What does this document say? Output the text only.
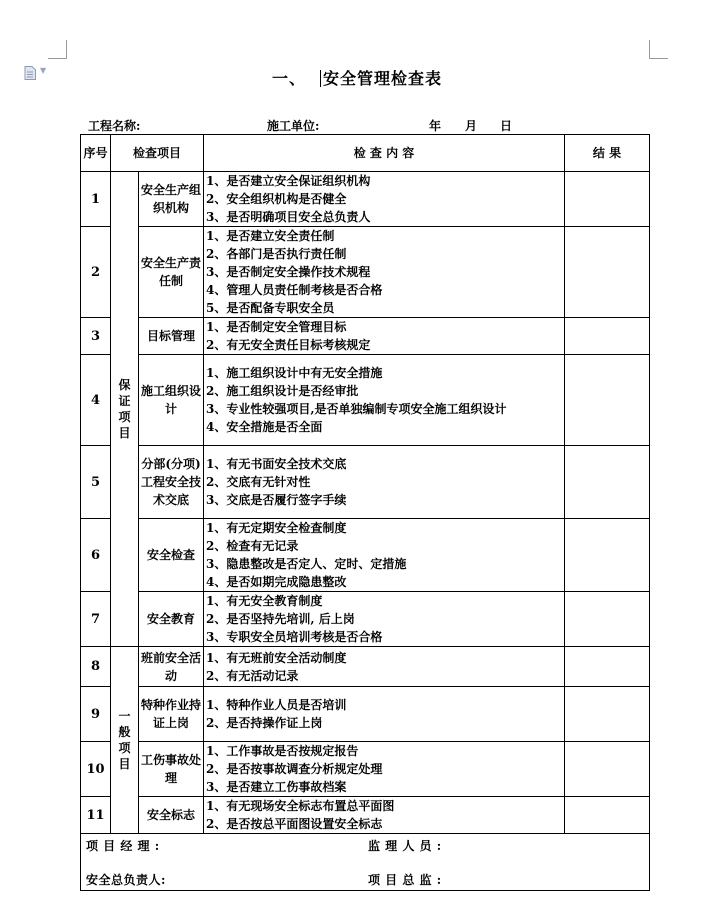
▼	一、 安全管理检查表
工程名称:	施工单位:	年 月 日
序号	检查项目		检 查 内 容	结 果
1	保证项目	安全生产组织机构	1、是否建立安全保证组织机构
2、安全组织机构是否健全
3、是否明确项目安全总负责人	

2		安全生产责任制	1、是否建立安全责任制
2、各部门是否执行责任制
3、是否制定安全操作技术规程
4、管理人员责任制考核是否合格
5、是否配备专职安全员	

3		目标管理	1、是否制定安全管理目标
2、有无安全责任目标考核规定	

4		施工组织设计	1、施工组织设计中有无安全措施
2、施工组织设计是否经审批
3、专业性较强项目,是否单独编制专项安全施工组织设计
4、安全措施是否全面	

5		分部(分项)工程安全技术交底	1、有无书面安全技术交底
2、交底有无针对性
3、交底是否履行签字手续	

6		安全检查	1、有无定期安全检查制度
2、检查有无记录
3、隐患整改是否定人、定时、定措施
4、是否如期完成隐患整改	

7		安全教育	1、有无安全教育制度
2、是否坚持先培训, 后上岗
3、专职安全员培训考核是否合格	

8	一般项目	班前安全活动	1、有无班前安全活动制度
2、有无活动记录	

9		特种作业持证上岗	1、特种作业人员是否培训
2、是否持操作证上岗	

10		工伤事故处理	1、工作事故是否按规定报告
2、是否按事故调查分析规定处理
3、是否建立工伤事故档案	

11		安全标志	1、有无现场安全标志布置总平面图
2、是否按总平面图设置安全标志	

项 目 经 理 : 监 理 人 员 :
安全总负责人: 项 目 总 监 :				
